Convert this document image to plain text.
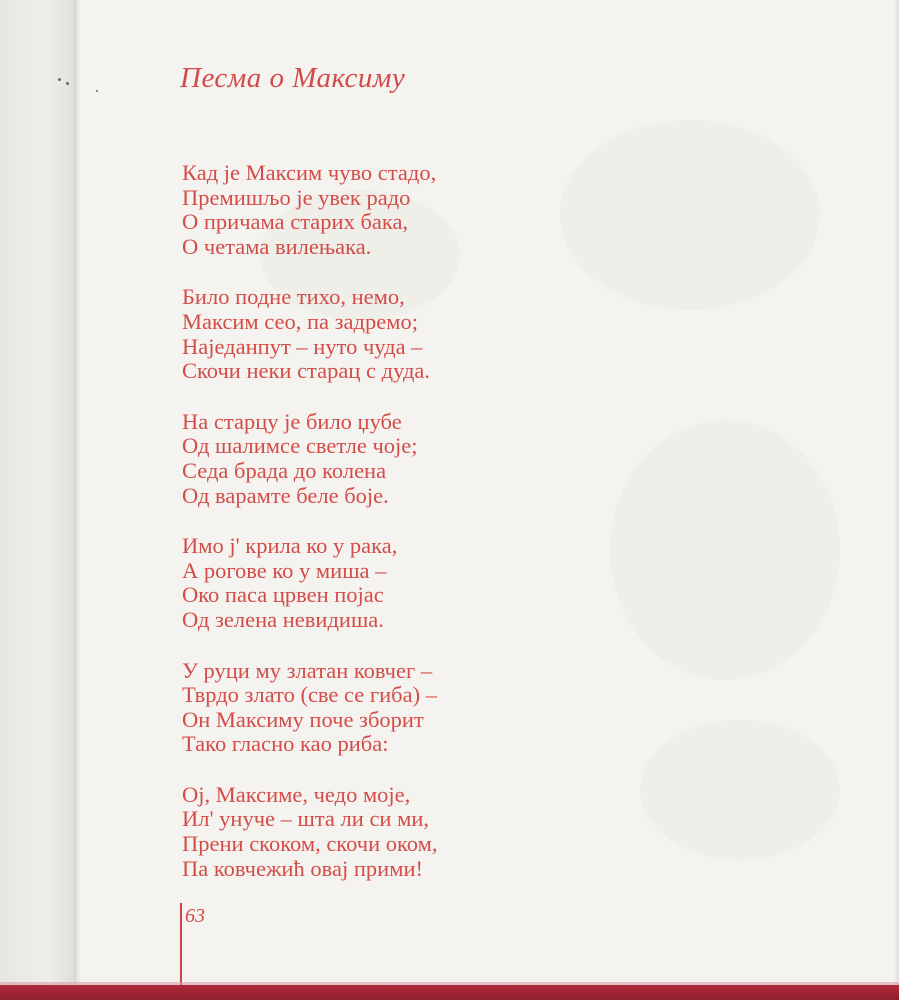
Песма о Максиму
Кад је Максим чуво стадо,
Премишљо је увек радо
О причама старих бака,
О четама вилењака.
Било подне тихо, немо,
Максим сео, па задремо;
Наједанпут – нуто чуда –
Скочи неки старац с дуда.
На старцу је било џубе
Од шалимсе светле чоје;
Седа брада до колена
Од варамте беле боје.
Имо ј' крила ко у рака,
А рогове ко у миша –
Око паса црвен појас
Од зелена невидиша.
У руци му златан ковчег –
Тврдо злато (све се гиба) –
Он Максиму поче зборит
Тако гласно као риба:
Ој, Максиме, чедо моје,
Ил' унуче – шта ли си ми,
Прени скоком, скочи оком,
Па ковчежић овај прими!
63
